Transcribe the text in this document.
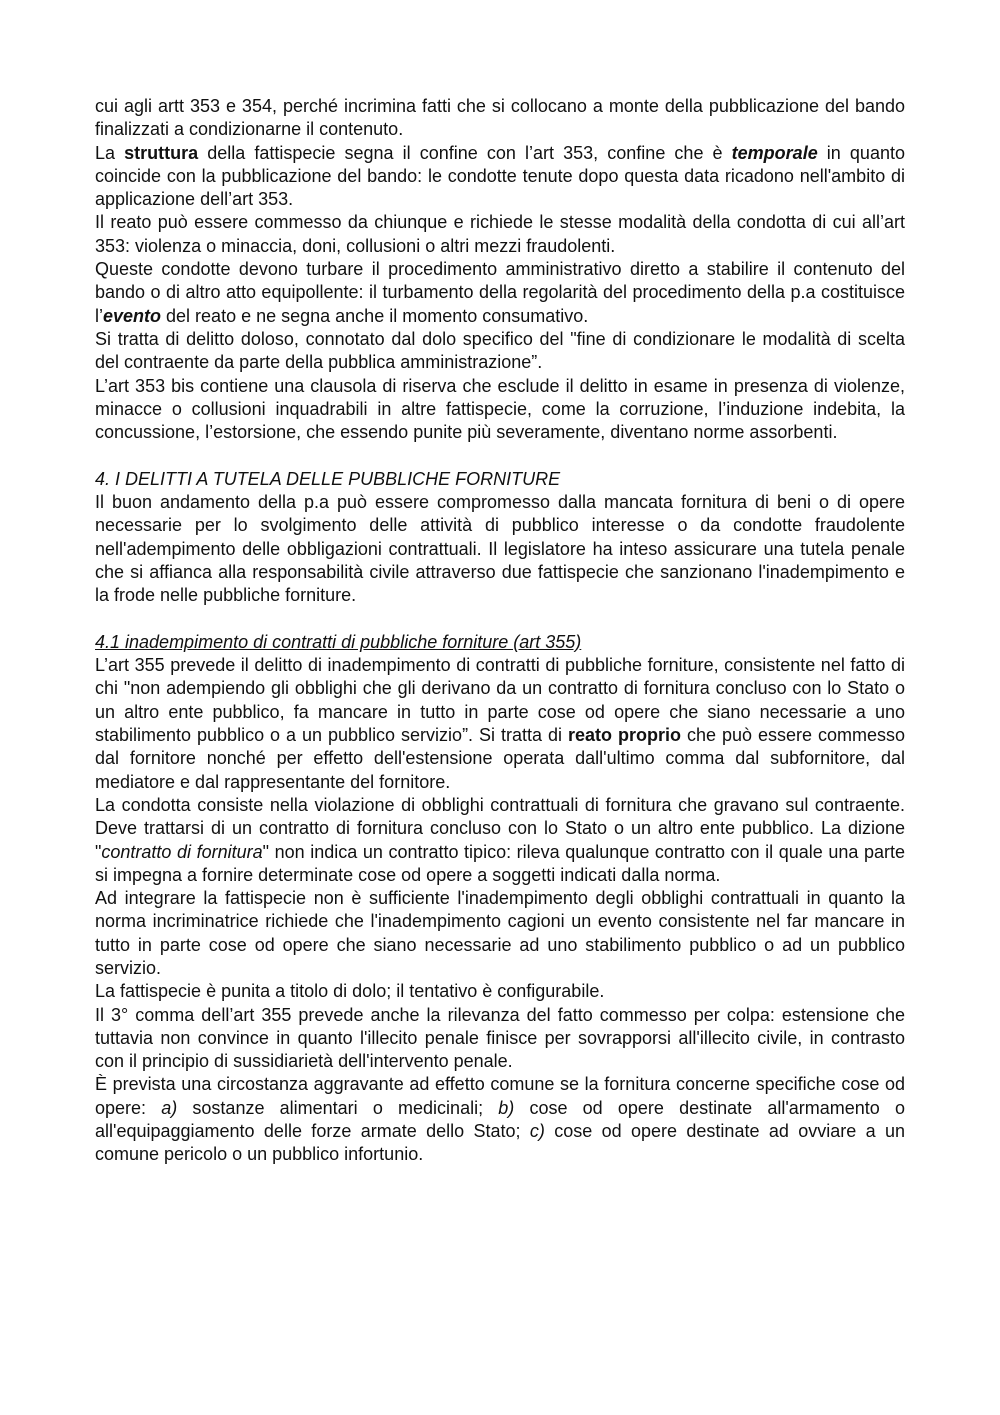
cui agli artt 353 e 354, perché incrimina fatti che si collocano a monte della pubblicazione del bando finalizzati a condizionarne il contenuto.

La struttura della fattispecie segna il confine con l’art 353, confine che è temporale in quanto coincide con la pubblicazione del bando: le condotte tenute dopo questa data ricadono nell'ambito di applicazione dell’art 353.

Il reato può essere commesso da chiunque e richiede le stesse modalità della condotta di cui all’art 353: violenza o minaccia, doni, collusioni o altri mezzi fraudolenti.

Queste condotte devono turbare il procedimento amministrativo diretto a stabilire il contenuto del bando o di altro atto equipollente: il turbamento della regolarità del procedimento della p.a costituisce l’evento del reato e ne segna anche il momento consumativo.

Si tratta di delitto doloso, connotato dal dolo specifico del "fine di condizionare le modalità di scelta del contraente da parte della pubblica amministrazione”.

L’art 353 bis contiene una clausola di riserva che esclude il delitto in esame in presenza di violenze, minacce o collusioni inquadrabili in altre fattispecie, come la corruzione, l’induzione indebita, la concussione, l’estorsione, che essendo punite più severamente, diventano norme assorbenti.

4. I DELITTI A TUTELA DELLE PUBBLICHE FORNITURE

Il buon andamento della p.a può essere compromesso dalla mancata fornitura di beni o di opere necessarie per lo svolgimento delle attività di pubblico interesse o da condotte fraudolente nell'adempimento delle obbligazioni contrattuali. Il legislatore ha inteso assicurare una tutela penale che si affianca alla responsabilità civile attraverso due fattispecie che sanzionano l'inadempimento e la frode nelle pubbliche forniture.

4.1 inadempimento di contratti di pubbliche forniture (art 355)

L’art 355 prevede il delitto di inadempimento di contratti di pubbliche forniture, consistente nel fatto di chi "non adempiendo gli obblighi che gli derivano da un contratto di fornitura concluso con lo Stato o un altro ente pubblico, fa mancare in tutto in parte cose od opere che siano necessarie a uno stabilimento pubblico o a un pubblico servizio”. Si tratta di reato proprio che può essere commesso dal fornitore nonché per effetto dell'estensione operata dall'ultimo comma dal subfornitore, dal mediatore e dal rappresentante del fornitore.

La condotta consiste nella violazione di obblighi contrattuali di fornitura che gravano sul contraente. Deve trattarsi di un contratto di fornitura concluso con lo Stato o un altro ente pubblico. La dizione "contratto di fornitura" non indica un contratto tipico: rileva qualunque contratto con il quale una parte si impegna a fornire determinate cose od opere a soggetti indicati dalla norma.

Ad integrare la fattispecie non è sufficiente l'inadempimento degli obblighi contrattuali in quanto la norma incriminatrice richiede che l'inadempimento cagioni un evento consistente nel far mancare in tutto in parte cose od opere che siano necessarie ad uno stabilimento pubblico o ad un pubblico servizio.

La fattispecie è punita a titolo di dolo; il tentativo è configurabile.

Il 3° comma dell’art 355 prevede anche la rilevanza del fatto commesso per colpa: estensione che tuttavia non convince in quanto l'illecito penale finisce per sovrapporsi all'illecito civile, in contrasto con il principio di sussidiarietà dell'intervento penale.

È prevista una circostanza aggravante ad effetto comune se la fornitura concerne specifiche cose od opere: a) sostanze alimentari o medicinali; b) cose od opere destinate all'armamento o all'equipaggiamento delle forze armate dello Stato; c) cose od opere destinate ad ovviare a un comune pericolo o un pubblico infortunio.
